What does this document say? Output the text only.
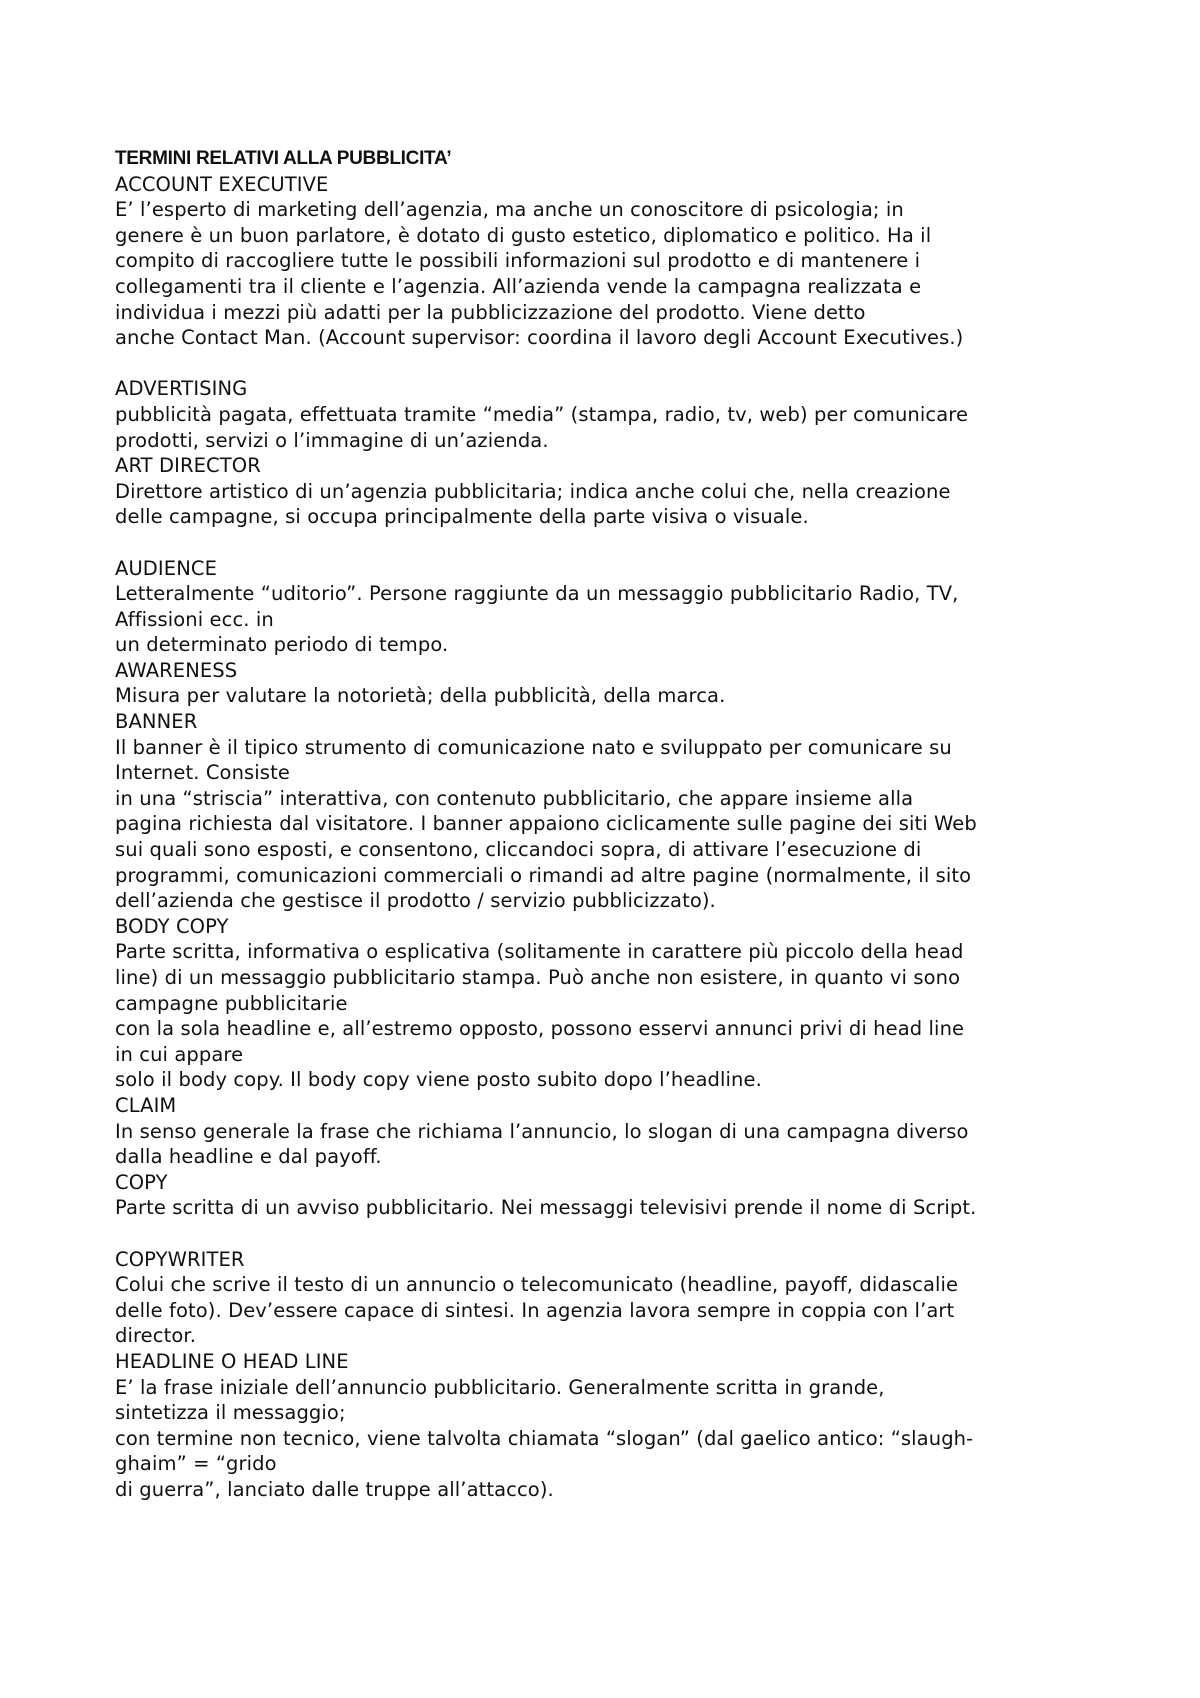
TERMINI RELATIVI ALLA PUBBLICITA’

ACCOUNT EXECUTIVE

E’ l’esperto di marketing dell’agenzia, ma anche un conoscitore di psicologia; in

genere è un buon parlatore, è dotato di gusto estetico, diplomatico e politico. Ha il

compito di raccogliere tutte le possibili informazioni sul prodotto e di mantenere i

collegamenti tra il cliente e l’agenzia. All’azienda vende la campagna realizzata e

individua i mezzi più adatti per la pubblicizzazione del prodotto. Viene detto

anche Contact Man. (Account supervisor: coordina il lavoro degli Account Executives.)

ADVERTISING

pubblicità pagata, effettuata tramite “media” (stampa, radio, tv, web) per comunicare

prodotti, servizi o l’immagine di un’azienda.

ART DIRECTOR

Direttore artistico di un’agenzia pubblicitaria; indica anche colui che, nella creazione

delle campagne, si occupa principalmente della parte visiva o visuale.

AUDIENCE

Letteralmente “uditorio”. Persone raggiunte da un messaggio pubblicitario Radio, TV,

Affissioni ecc. in

un determinato periodo di tempo.

AWARENESS

Misura per valutare la notorietà; della pubblicità, della marca.

BANNER

Il banner è il tipico strumento di comunicazione nato e sviluppato per comunicare su

Internet. Consiste

in una “striscia” interattiva, con contenuto pubblicitario, che appare insieme alla

pagina richiesta dal visitatore. I banner appaiono ciclicamente sulle pagine dei siti Web

sui quali sono esposti, e consentono, cliccandoci sopra, di attivare l’esecuzione di

programmi, comunicazioni commerciali o rimandi ad altre pagine (normalmente, il sito

dell’azienda che gestisce il prodotto / servizio pubblicizzato).

BODY COPY

Parte scritta, informativa o esplicativa (solitamente in carattere più piccolo della head

line) di un messaggio pubblicitario stampa. Può anche non esistere, in quanto vi sono

campagne pubblicitarie

con la sola headline e, all’estremo opposto, possono esservi annunci privi di head line

in cui appare

solo il body copy. Il body copy viene posto subito dopo l’headline.

CLAIM

In senso generale la frase che richiama l’annuncio, lo slogan di una campagna diverso

dalla headline e dal payoff.

COPY

Parte scritta di un avviso pubblicitario. Nei messaggi televisivi prende il nome di Script.

COPYWRITER

Colui che scrive il testo di un annuncio o telecomunicato (headline, payoff, didascalie

delle foto). Dev’essere capace di sintesi. In agenzia lavora sempre in coppia con l’art

director.

HEADLINE O HEAD LINE

E’ la frase iniziale dell’annuncio pubblicitario. Generalmente scritta in grande,

sintetizza il messaggio;

con termine non tecnico, viene talvolta chiamata “slogan” (dal gaelico antico: “slaugh-

ghaim” = “grido

di guerra”, lanciato dalle truppe all’attacco).
